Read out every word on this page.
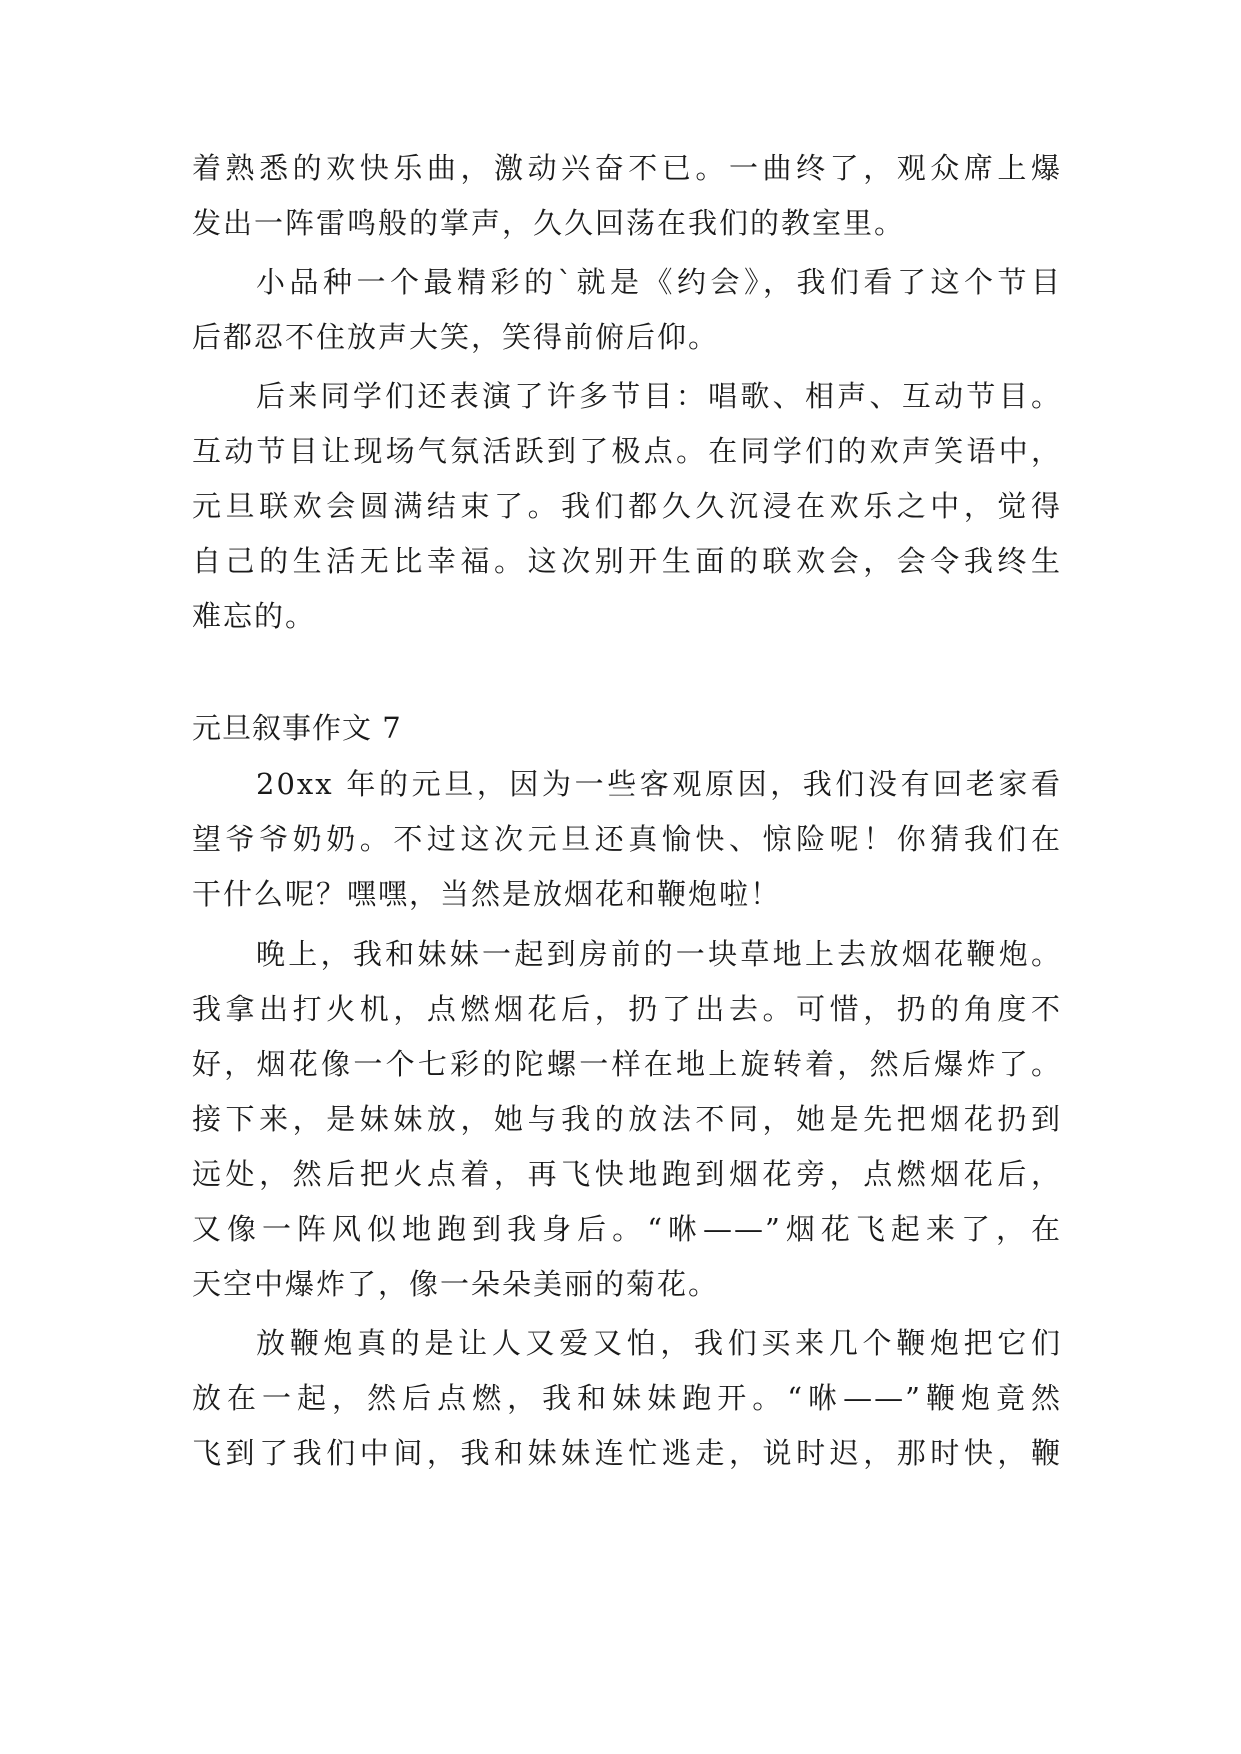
着熟悉的欢快乐曲，激动兴奋不已。一曲终了，观众席上爆
发出一阵雷鸣般的掌声，久久回荡在我们的教室里。
小品种一个最精彩的`就是《约会》，我们看了这个节目
后都忍不住放声大笑，笑得前俯后仰。
后来同学们还表演了许多节目：唱歌、相声、互动节目。
互动节目让现场气氛活跃到了极点。在同学们的欢声笑语中，
元旦联欢会圆满结束了。我们都久久沉浸在欢乐之中，觉得
自己的生活无比幸福。这次别开生面的联欢会，会令我终生
难忘的。
元旦叙事作文 7
20xx 年的元旦，因为一些客观原因，我们没有回老家看
望爷爷奶奶。不过这次元旦还真愉快、惊险呢！你猜我们在
干什么呢？嘿嘿，当然是放烟花和鞭炮啦！
晚上，我和妹妹一起到房前的一块草地上去放烟花鞭炮。
我拿出打火机，点燃烟花后，扔了出去。可惜，扔的角度不
好，烟花像一个七彩的陀螺一样在地上旋转着，然后爆炸了。
接下来，是妹妹放，她与我的放法不同，她是先把烟花扔到
远处，然后把火点着，再飞快地跑到烟花旁，点燃烟花后，
又像一阵风似地跑到我身后。“咻——”烟花飞起来了，在
天空中爆炸了，像一朵朵美丽的菊花。
放鞭炮真的是让人又爱又怕，我们买来几个鞭炮把它们
放在一起，然后点燃，我和妹妹跑开。“咻——”鞭炮竟然
飞到了我们中间，我和妹妹连忙逃走，说时迟，那时快，鞭
